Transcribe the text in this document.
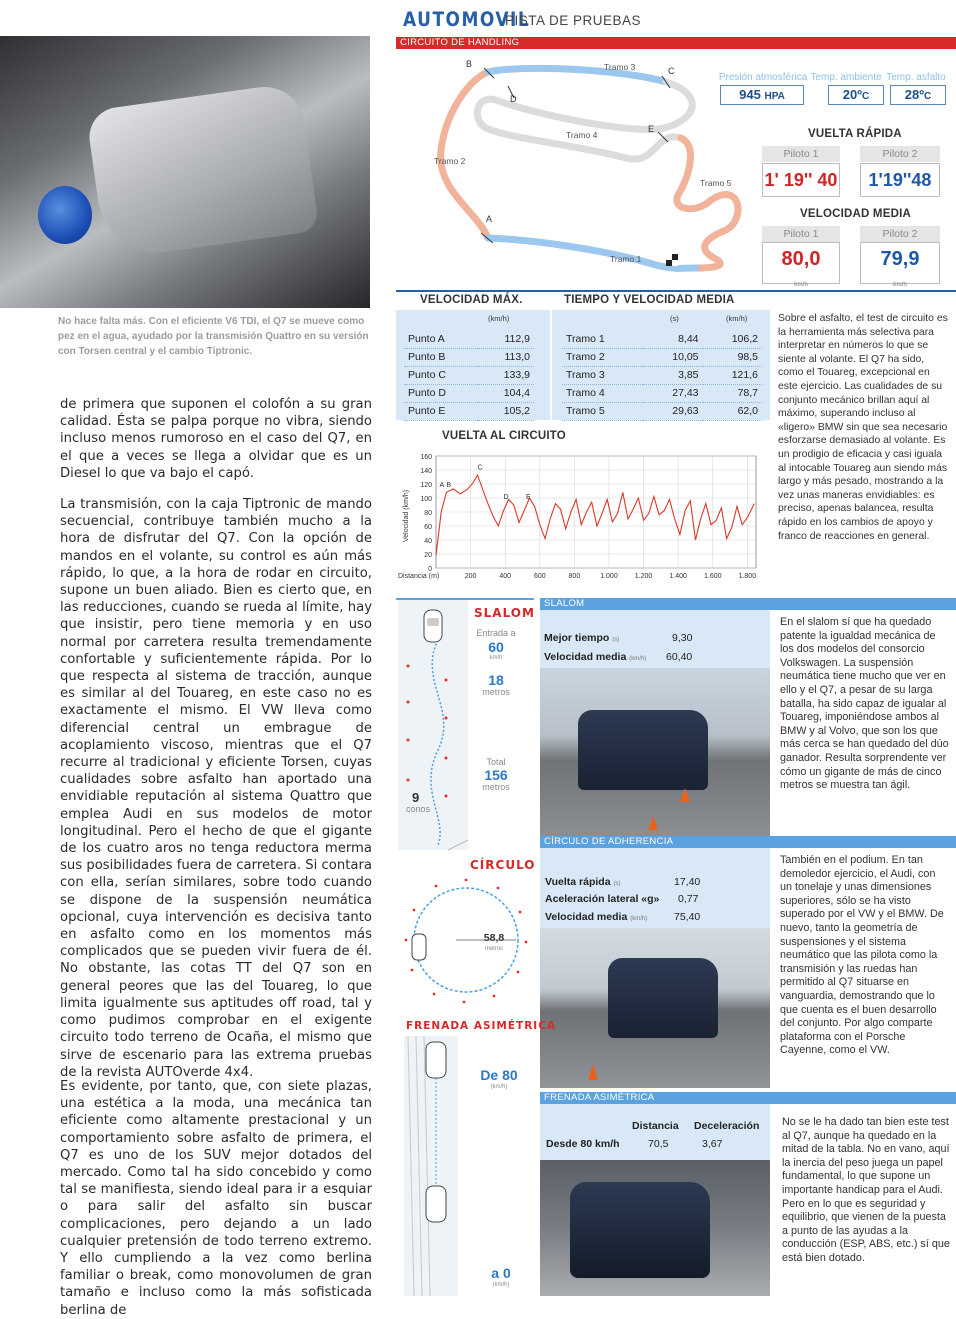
No hace falta más. Con el eficiente V6 TDI, el Q7 se mueve como pez en el agua, ayudado por la transmisión Quattro en su versión con Torsen central y el cambio Tiptronic.
de primera que suponen el colofón a su gran calidad. Ésta se palpa porque no vibra, siendo incluso menos rumoroso en el caso del Q7, en el que a veces se llega a olvidar que es un Diesel lo que va bajo el capó.
La transmisión, con la caja Tiptronic de mando secuencial, contribuye también mucho a la hora de disfrutar del Q7. Con la opción de mandos en el volante, su control es aún más rápido, lo que, a la hora de rodar en circuito, supone un buen aliado. Bien es cierto que, en las reducciones, cuando se rueda al límite, hay que insistir, pero tiene memoria y en uso normal por carretera resulta tremendamente confortable y suficientemente rápida. Por lo que respecta al sistema de tracción, aunque es similar al del Touareg, en este caso no es exactamente el mismo. El VW lleva como diferencial central un embrague de acoplamiento viscoso, mientras que el Q7 recurre al tradicional y eficiente Torsen, cuyas cualidades sobre asfalto han aportado una envidiable reputación al sistema Quattro que emplea Audi en sus modelos de motor longitudinal. Pero el hecho de que el gigante de los cuatro aros no tenga reductora merma sus posibilidades fuera de carretera. Si contara con ella, serían similares, sobre todo cuando se dispone de la suspensión neumática opcional, cuya intervención es decisiva tanto en asfalto como en los momentos más complicados que se pueden vivir fuera de él. No obstante, las cotas TT del Q7 son en general peores que las del Touareg, lo que limita igualmente sus aptitudes off road, tal y como pudimos comprobar en el exigente circuito todo terreno de Ocaña, el mismo que sirve de escenario para las extrema pruebas de la revista AUTOverde 4x4.
Es evidente, por tanto, que, con siete plazas, una estética a la moda, una mecánica tan eficiente como altamente prestacional y un comportamiento sobre asfalto de primera, el Q7 es uno de los SUV mejor dotados del mercado. Como tal ha sido concebido y como tal se manifiesta, siendo ideal para ir a esquiar o para salir del asfalto sin buscar complicaciones, pero dejando a un lado cualquier pretensión de todo terreno extremo. Y ello cumpliendo a la vez como berlina familiar o break, como monovolumen de gran tamaño e incluso como la más sofisticada berlina de
AUTOMOVIL
PISTA DE PRUEBAS
CIRCUITO DE HANDLING
B
C
A
D
E
Tramo 1
Tramo 2
Tramo 3
Tramo 4
Tramo 5
Presión atmosférica Temp. ambiente Temp. asfalto
945 HPA	20ºC	28ºC
VUELTA RÁPIDA
Piloto 1	Piloto 2
1' 19'' 40	1'19''48
VELOCIDAD MEDIA
Piloto 1	Piloto 2
80,0
km/h
79,9
km/h
VELOCIDAD MÁX.	TIEMPO Y VELOCIDAD MEDIA
(km/h)
Punto A	112,9
Punto B	113,0
Punto C	133,9
Punto D	104,4
Punto E	105,2
(s)	(km/h)
Tramo 1	8,44	106,2
Tramo 2	10,05	98,5
Tramo 3	3,85	121,6
Tramo 4	27,43	78,7
Tramo 5	29,63	62,0
Sobre el asfalto, el test de circuito es la herramienta más selectiva para interpretar en números lo que se siente al volante. El Q7 ha sido, como el Touareg, excepcional en este ejercicio. Las cualidades de su conjunto mecánico brillan aquí al máximo, superando incluso al «ligero» BMW sin que sea necesario esforzarse demasiado al volante. Es un prodigio de eficacia y casi iguala al intocable Touareg aun siendo más largo y más pesado, mostrando a la vez unas maneras envidiables: es preciso, apenas balancea, resulta rápido en los cambios de apoyo y franco de reacciones en general.
VUELTA AL CIRCUITO
0
20
40
60
80
100
120
140
160
200	400	600	800	1.000 1.200 1.400 1.600 1.800
Distancia (m)
Velocidad (km/h)
A B
C
D E
SLALOM
SLALOM
Entrada a
60
km/h
18
metros
Total
156
metros
9
conos
Mejor tiempo (s)	9,30
Velocidad media (km/h)	60,40
En el slalom sí que ha quedado patente la igualdad mecánica de los dos modelos del consorcio Volkswagen. La suspensión neumática tiene mucho que ver en ello y el Q7, a pesar de su larga batalla, ha sido capaz de igualar al Touareg, imponiéndose ambos al BMW y al Volvo, que son los que más cerca se han quedado del dúo ganador. Resulta sorprendente ver cómo un gigante de más de cinco metros se muestra tan ágil.
CÍRCULO DE ADHERENCIA
CÍRCULO
58,8
metros
Vuelta rápida (s)	17,40
Aceleración lateral «g» 0,77
Velocidad media (km/h)	75,40
También en el podium. En tan demoledor ejercicio, el Audi, con un tonelaje y unas dimensiones superiores, sólo se ha visto superado por el VW y el BMW. De nuevo, tanto la geometría de suspensiones y el sistema neumático que las pilota como la transmisión y las ruedas han permitido al Q7 situarse en vanguardia, demostrando que lo que cuenta es el buen desarrollo del conjunto. Por algo comparte plataforma con el Porsche Cayenne, como el VW.
FRENADA ASIMÉTRICA
De 80
(km/h)
a 0
(km/h)
FRENADA ASIMÉTRICA
Distancia Deceleración
Desde 80 km/h	70,5	3,67
No se le ha dado tan bien este test al Q7, aunque ha quedado en la mitad de la tabla. No en vano, aquí la inercia del peso juega un papel fundamental, lo que supone un importante handicap para el Audi. Pero en lo que es seguridad y equilibrio, que vienen de la puesta a punto de las ayudas a la conducción (ESP, ABS, etc.) sí que está bien dotado.
